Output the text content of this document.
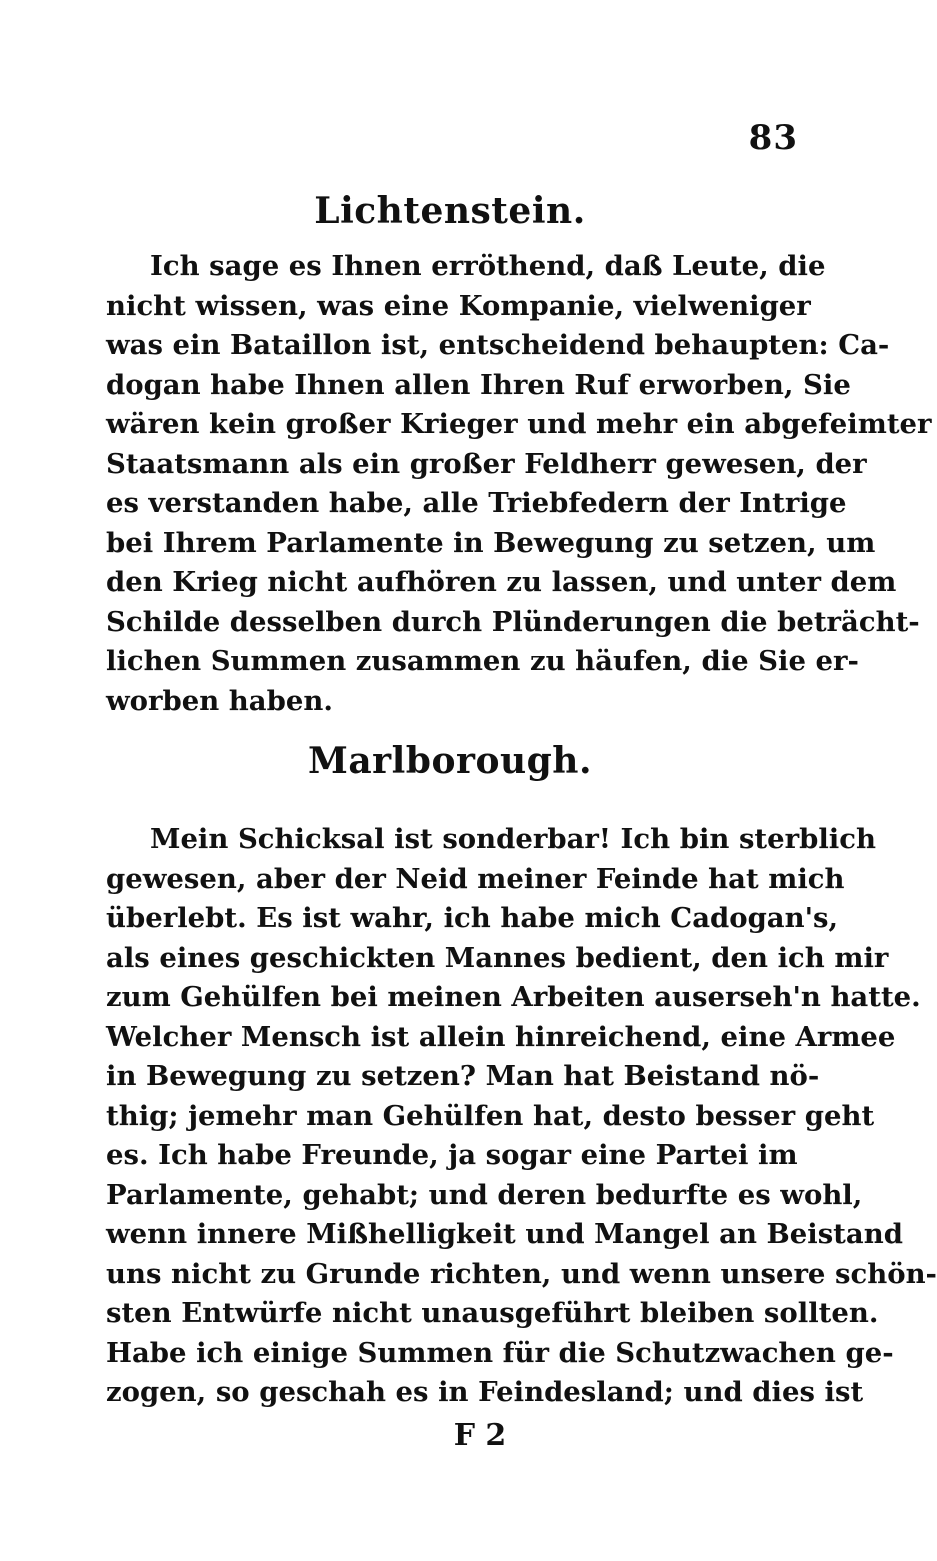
83
Lichtenstein.
Ich sage es Ihnen erröthend, daß Leute, die
nicht wissen, was eine Kompanie, vielweniger
was ein Bataillon ist, entscheidend behaupten: Ca-
dogan habe Ihnen allen Ihren Ruf erworben, Sie
wären kein großer Krieger und mehr ein abgefeimter
Staatsmann als ein großer Feldherr gewesen, der
es verstanden habe, alle Triebfedern der Intrige
bei Ihrem Parlamente in Bewegung zu setzen, um
den Krieg nicht aufhören zu lassen, und unter dem
Schilde desselben durch Plünderungen die beträcht-
lichen Summen zusammen zu häufen, die Sie er-
worben haben.
Marlborough.
Mein Schicksal ist sonderbar! Ich bin sterblich
gewesen, aber der Neid meiner Feinde hat mich
überlebt. Es ist wahr, ich habe mich Cadogan's,
als eines geschickten Mannes bedient, den ich mir
zum Gehülfen bei meinen Arbeiten auserseh'n hatte.
Welcher Mensch ist allein hinreichend, eine Armee
in Bewegung zu setzen? Man hat Beistand nö-
thig; jemehr man Gehülfen hat, desto besser geht
es. Ich habe Freunde, ja sogar eine Partei im
Parlamente, gehabt; und deren bedurfte es wohl,
wenn innere Mißhelligkeit und Mangel an Beistand
uns nicht zu Grunde richten, und wenn unsere schön-
sten Entwürfe nicht unausgeführt bleiben sollten.
Habe ich einige Summen für die Schutzwachen ge-
zogen, so geschah es in Feindesland; und dies ist
F 2
